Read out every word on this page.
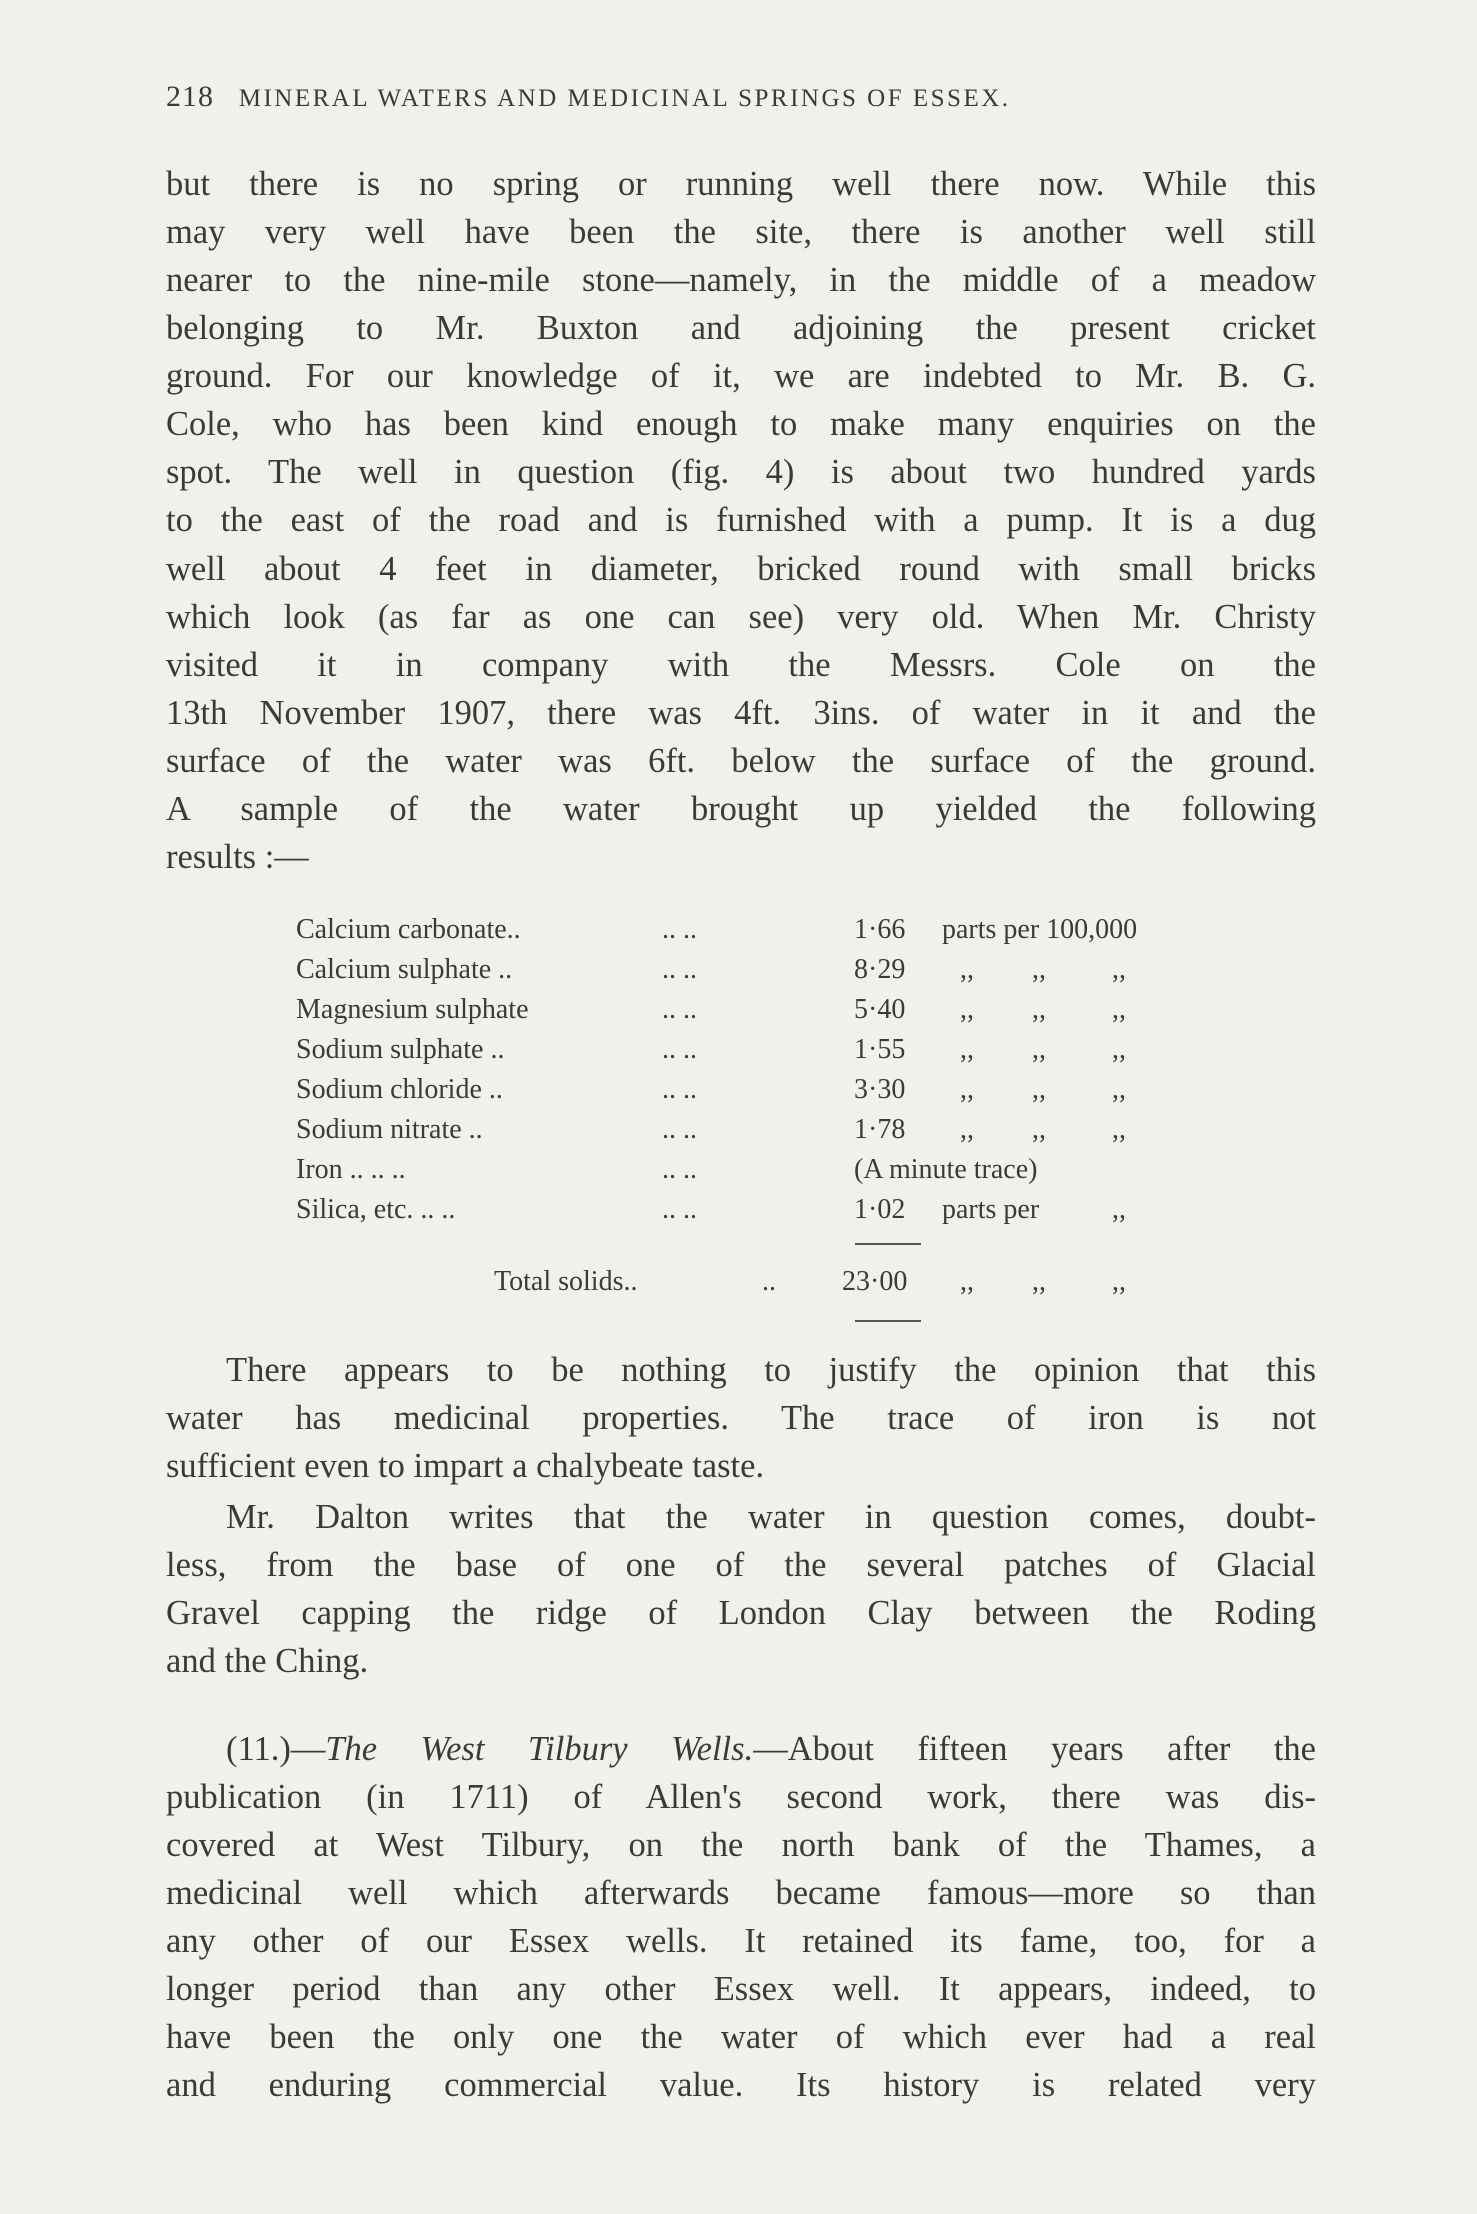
218 MINERAL WATERS AND MEDICINAL SPRINGS OF ESSEX.
but there is no spring or running well there now. While this
may very well have been the site, there is another well still
nearer to the nine-mile stone—namely, in the middle of a meadow
belonging to Mr. Buxton and adjoining the present cricket
ground. For our knowledge of it, we are indebted to Mr. B. G.
Cole, who has been kind enough to make many enquiries on the
spot. The well in question (fig. 4) is about two hundred yards
to the east of the road and is furnished with a pump. It is a dug
well about 4 feet in diameter, bricked round with small bricks
which look (as far as one can see) very old. When Mr. Christy
visited it in company with the Messrs. Cole on the
13th November 1907, there was 4ft. 3ins. of water in it and the
surface of the water was 6ft. below the surface of the ground.
A sample of the water brought up yielded the following
results :—
Calcium carbonate..	.. ..	1·66 parts per 100,000
Calcium sulphate ..	.. ..	8·29 ,, ,, ,,
Magnesium sulphate	.. ..	5·40 ,, ,, ,,
Sodium sulphate ..	.. ..	1·55 ,, ,, ,,
Sodium chloride ..	.. ..	3·30 ,, ,, ,,
Sodium nitrate ..	.. ..	1·78 ,, ,, ,,
Iron .. .. ..	.. ..	(A minute trace)
Silica, etc. .. ..	.. ..	1·02 parts per	,,
Total solids..	.. 23·00 ,, ,, ,,
There appears to be nothing to justify the opinion that this
water has medicinal properties. The trace of iron is not
sufficient even to impart a chalybeate taste.
Mr. Dalton writes that the water in question comes, doubt-
less, from the base of one of the several patches of Glacial
Gravel capping the ridge of London Clay between the Roding
and the Ching.
(11.)—The West Tilbury Wells.—About fifteen years after the
publication (in 1711) of Allen's second work, there was dis-
covered at West Tilbury, on the north bank of the Thames, a
medicinal well which afterwards became famous—more so than
any other of our Essex wells. It retained its fame, too, for a
longer period than any other Essex well. It appears, indeed, to
have been the only one the water of which ever had a real
and enduring commercial value. Its history is related very
